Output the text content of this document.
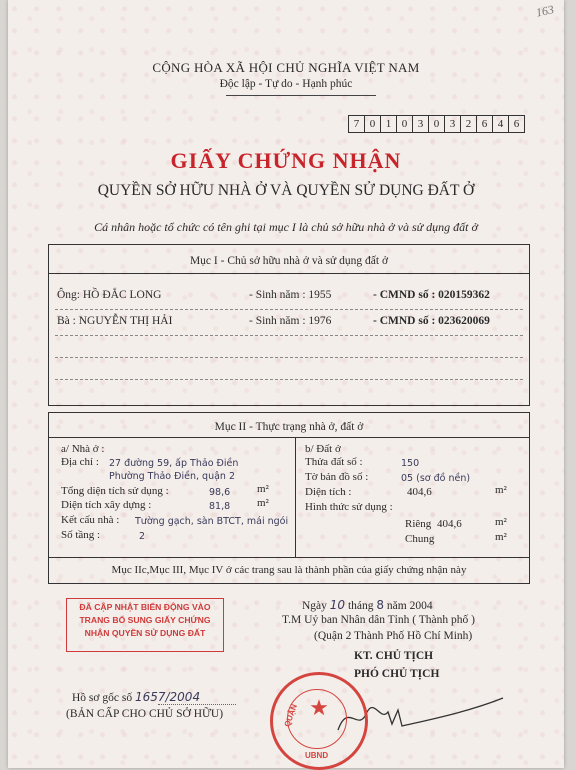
163
CỘNG HÒA XÃ HỘI CHỦ NGHĨA VIỆT NAM
Độc lập - Tự do - Hạnh phúc
7 0 1 0 3 0 3 2 6 4 6
GIẤY CHỨNG NHẬN
QUYỀN SỞ HỮU NHÀ Ở VÀ QUYỀN SỬ DỤNG ĐẤT Ở
Cá nhân hoặc tổ chức có tên ghi tại mục I là chủ sở hữu nhà ở và sử dụng đất ở
Mục I - Chủ sở hữu nhà ở và sử dụng đất ở
Ông: HỒ ĐẮC LONG	- Sinh năm : 1955	- CMND số : 020159362
Bà : NGUYỄN THỊ HẢI	- Sinh năm : 1976	- CMND số : 023620069
Mục II - Thực trạng nhà ở, đất ở
a/ Nhà ở :
Địa chỉ : 27 đường 59, ấp Thảo Điền
Phường Thảo Điền, quận 2
Tổng diện tích sử dụng :	98,6 m²
Diện tích xây dựng :	81,8 m²
Kết cấu nhà : Tường gạch, sàn BTCT, mái ngói
Số tầng :	2
b/ Đất ở
Thửa đất số :	150
Tờ bản đồ số :	05 (sơ đồ nền)
Diện tích :	404,6	m²
Hình thức sử dụng :
Riêng 404,6	m²
Chung	m²
Mục IIc,Mục III, Mục IV ở các trang sau là thành phần của giấy chứng nhận này
ĐÃ CẬP NHẬT BIẾN ĐỘNG VÀO
TRANG BỔ SUNG GIẤY CHỨNG
NHẬN QUYỀN SỬ DỤNG ĐẤT
Ngày 10 tháng 8 năm 2004
T.M Uỷ ban Nhân dân Tỉnh ( Thành phố )
(Quận 2 Thành Phố Hồ Chí Minh)
KT. CHỦ TỊCH
PHÓ CHỦ TỊCH
★
QUẬN
UBND
Hồ sơ gốc số 1657/2004
(BẢN CẤP CHO CHỦ SỞ HỮU)
